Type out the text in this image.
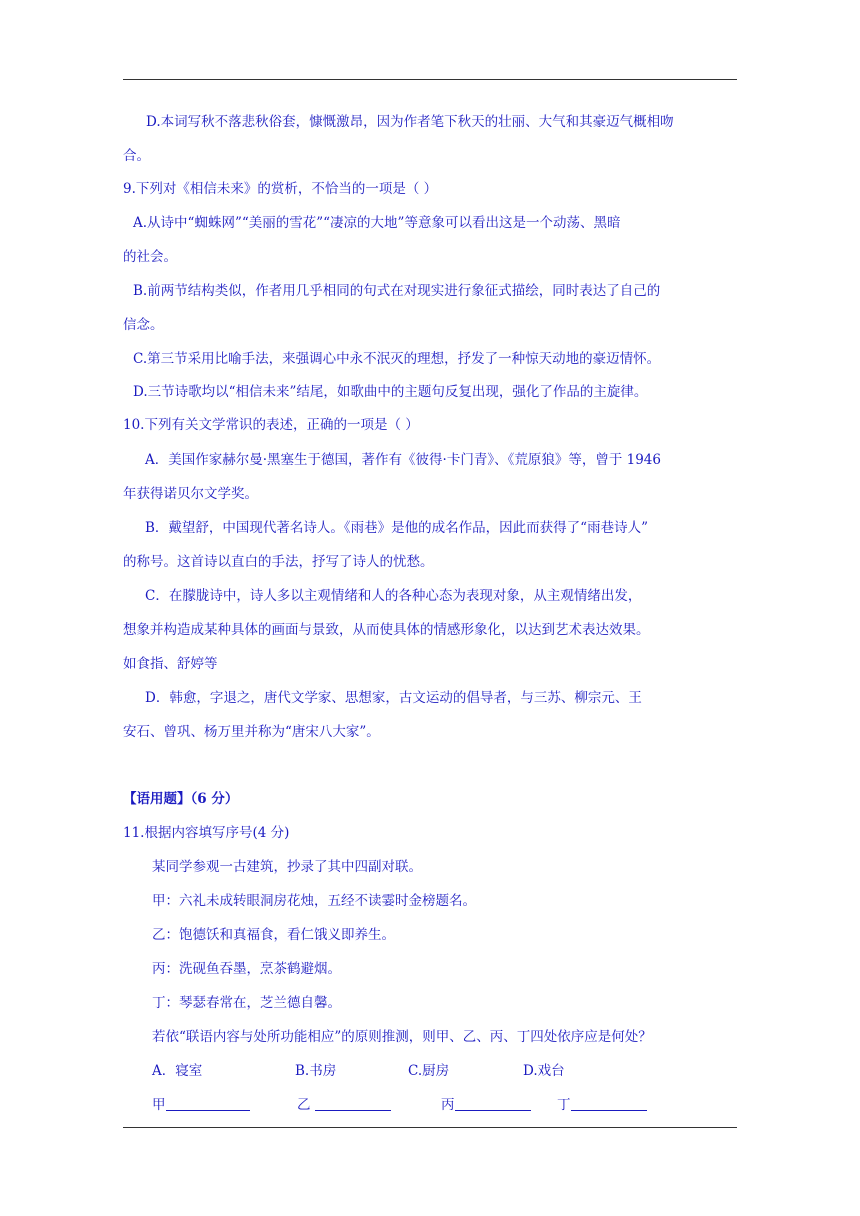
D.本词写秋不落悲秋俗套，慷慨激昂，因为作者笔下秋天的壮丽、大气和其豪迈气概相吻
合。
9.下列对《相信未来》的赏析，不恰当的一项是（ ）
A.从诗中“蜘蛛网”“美丽的雪花”“凄凉的大地”等意象可以看出这是一个动荡、黑暗
的社会。
B.前两节结构类似，作者用几乎相同的句式在对现实进行象征式描绘，同时表达了自己的
信念。
C.第三节采用比喻手法，来强调心中永不泯灭的理想，抒发了一种惊天动地的豪迈情怀。
D.三节诗歌均以“相信未来”结尾，如歌曲中的主题句反复出现，强化了作品的主旋律。
10.下列有关文学常识的表述，正确的一项是（ ）
A．美国作家赫尔曼·黑塞生于德国，著作有《彼得·卡门青》、《荒原狼》等，曾于 1946
年获得诺贝尔文学奖。
B．戴望舒，中国现代著名诗人。《雨巷》是他的成名作品，因此而获得了“雨巷诗人”
的称号。这首诗以直白的手法，抒写了诗人的忧愁。
C．在朦胧诗中，诗人多以主观情绪和人的各种心态为表现对象，从主观情绪出发，
想象并构造成某种具体的画面与景致，从而使具体的情感形象化，以达到艺术表达效果。
如食指、舒婷等
D．韩愈，字退之，唐代文学家、思想家，古文运动的倡导者，与三苏、柳宗元、王
安石、曾巩、杨万里并称为“唐宋八大家”。
【语用题】（6 分）
11.根据内容填写序号(4 分)
某同学参观一古建筑，抄录了其中四副对联。
甲：六礼未成转眼洞房花烛，五经不读霎时金榜题名。
乙：饱德饫和真福食，看仁饿义即养生。
丙：洗砚鱼吞墨，烹茶鹤避烟。
丁：琴瑟春常在，芝兰德自馨。
若依“联语内容与处所功能相应”的原则推测，则甲、乙、丙、丁四处依序应是何处？
A．寝室	B.书房	C.厨房	D.戏台
甲	乙	丙	丁
